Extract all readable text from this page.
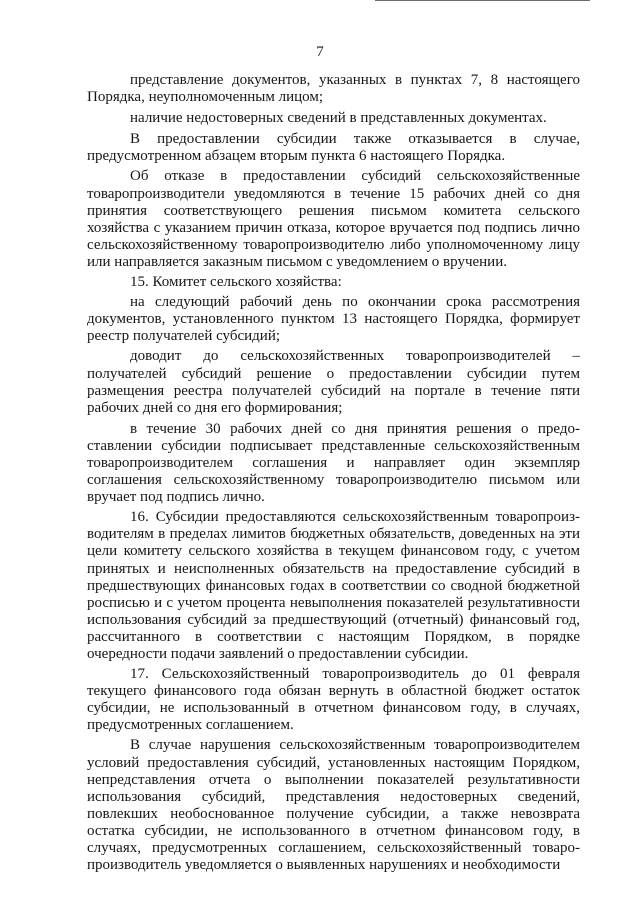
7

представление документов, указанных в пунктах 7, 8 настоящего Порядка, неуполномоченным лицом;

наличие недостоверных сведений в представленных документах.

В предоставлении субсидии также отказывается в случае, предусмотренном абзацем вторым пункта 6 настоящего Порядка.

Об отказе в предоставлении субсидий сельскохозяйственные товаропроизводители уведомляются в течение 15 рабочих дней со дня принятия соответствующего решения письмом комитета сельского хозяйства с указанием причин отказа, которое вручается под подпись лично сельскохозяйственному товаропроизводителю либо уполномоченному лицу или направляется заказным письмом с уведомлением о вручении.

15. Комитет сельского хозяйства:

на следующий рабочий день по окончании срока рассмотрения документов, установленного пунктом 13 настоящего Порядка, формирует реестр получателей субсидий;

доводит до сельскохозяйственных товаропроизводителей – получателей субсидий решение о предоставлении субсидии путем размещения реестра получателей субсидий на портале в течение пяти рабочих дней со дня его формирования;

в течение 30 рабочих дней со дня принятия решения о предоставлении субсидии подписывает представленные сельскохозяйственным товаропроизводителем соглашения и направляет один экземпляр соглашения сельскохозяйственному товаропроизводителю письмом или вручает под подпись лично.

16. Субсидии предоставляются сельскохозяйственным товаропроизводителям в пределах лимитов бюджетных обязательств, доведенных на эти цели комитету сельского хозяйства в текущем финансовом году, с учетом принятых и неисполненных обязательств на предоставление субсидий в предшествующих финансовых годах в соответствии со сводной бюджетной росписью и с учетом процента невыполнения показателей результативности использования субсидий за предшествующий (отчетный) финансовый год, рассчитанного в соответствии с настоящим Порядком, в порядке очередности подачи заявлений о предоставлении субсидии.

17. Сельскохозяйственный товаропроизводитель до 01 февраля текущего финансового года обязан вернуть в областной бюджет остаток субсидии, не использованный в отчетном финансовом году, в случаях, предусмотренных соглашением.

В случае нарушения сельскохозяйственным товаропроизводителем условий предоставления субсидий, установленных настоящим Порядком, непредставления отчета о выполнении показателей результативности использования субсидий, представления недостоверных сведений, повлекших необоснованное получение субсидии, а также невозврата остатка субсидии, не использованного в отчетном финансовом году, в случаях, предусмотренных соглашением, сельскохозяйственный товаропроизводитель уведомляется о выявленных нарушениях и необходимости
